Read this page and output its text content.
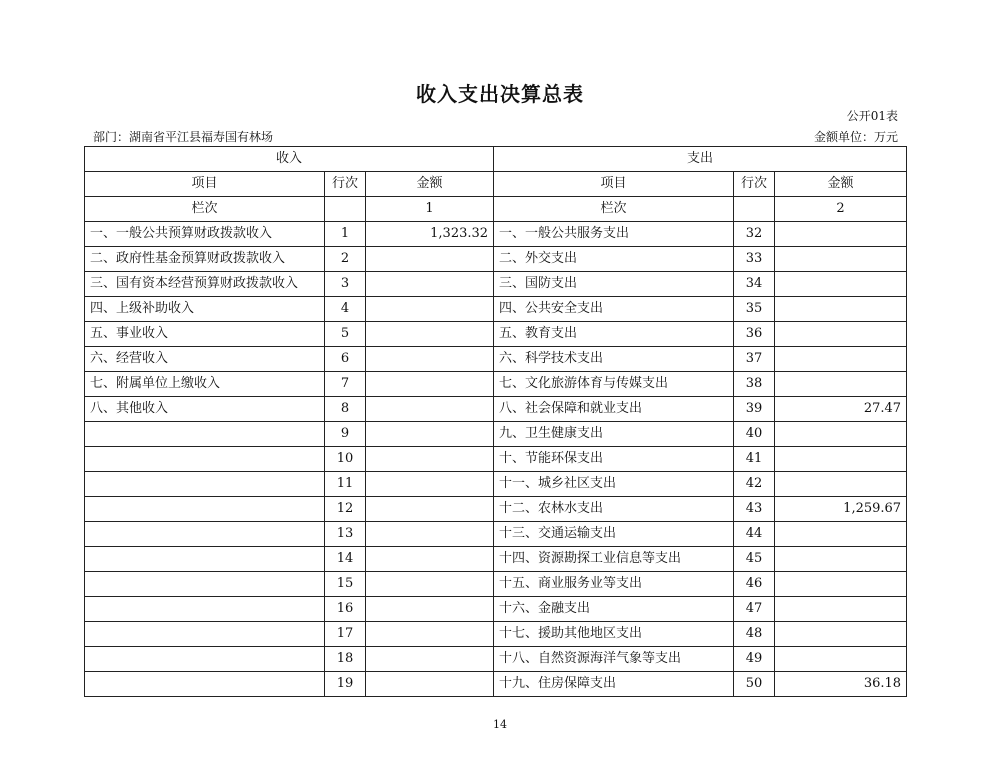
收入支出决算总表
公开01表
部门：湖南省平江县福寿国有林场	金额单位：万元
收入			支出		
项目	行次	金额	项目	行次	金额
栏次		1	栏次		2
一、一般公共预算财政拨款收入	1	1,323.32	一、一般公共服务支出	32	
二、政府性基金预算财政拨款收入	2		二、外交支出	33	
三、国有资本经营预算财政拨款收入	3		三、国防支出	34	
四、上级补助收入	4		四、公共安全支出	35	
五、事业收入	5		五、教育支出	36	
六、经营收入	6		六、科学技术支出	37	
七、附属单位上缴收入	7		七、文化旅游体育与传媒支出	38	
八、其他收入	8		八、社会保障和就业支出	39	27.47
	9		九、卫生健康支出	40	
	10		十、节能环保支出	41	
	11		十一、城乡社区支出	42	
	12		十二、农林水支出	43	1,259.67
	13		十三、交通运输支出	44	
	14		十四、资源勘探工业信息等支出	45	
	15		十五、商业服务业等支出	46	
	16		十六、金融支出	47	
	17		十七、援助其他地区支出	48	
	18		十八、自然资源海洋气象等支出	49	
	19		十九、住房保障支出	50	36.18
14
